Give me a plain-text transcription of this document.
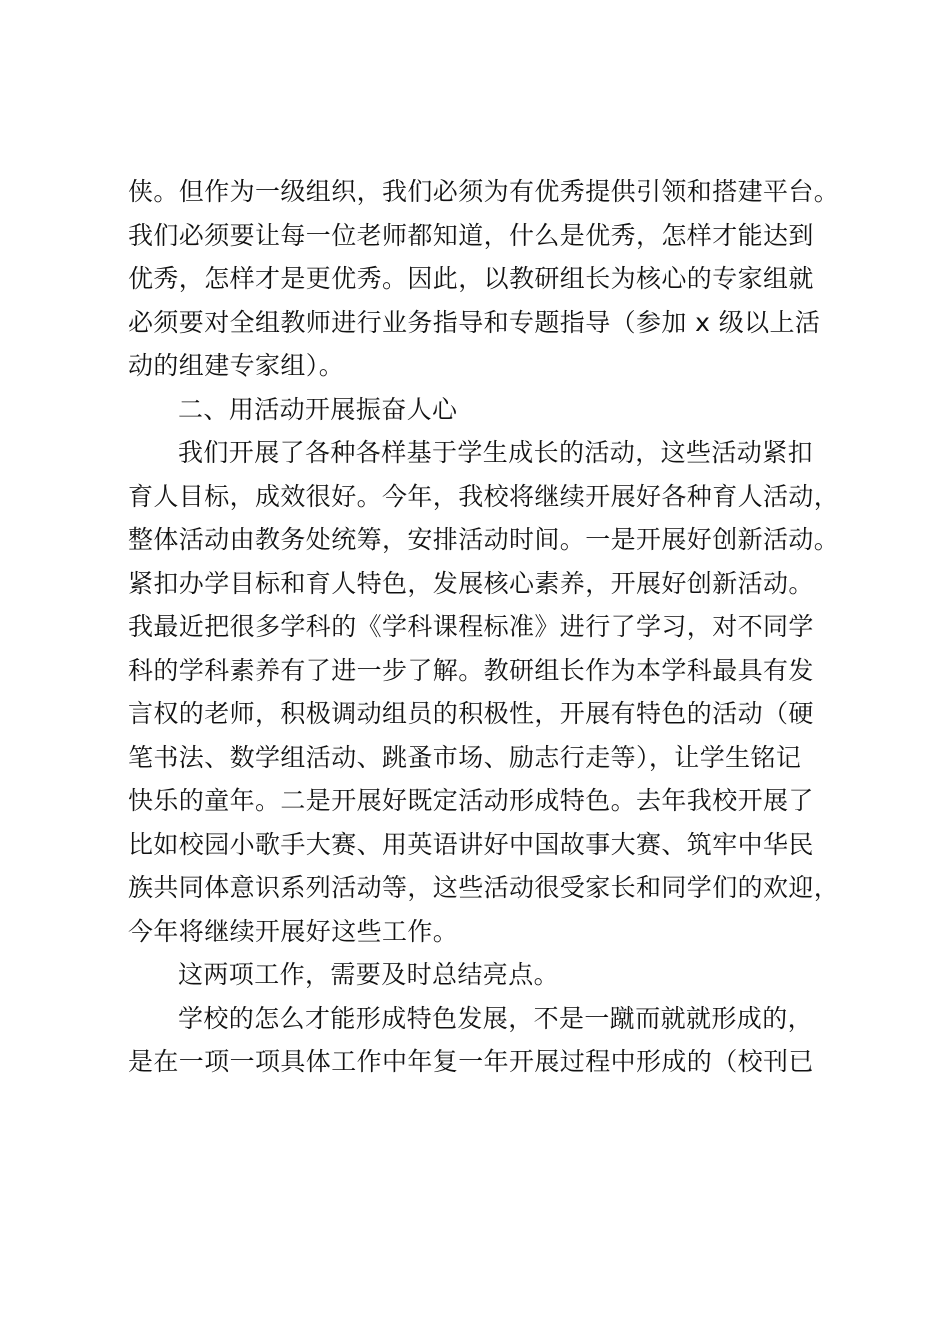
侠。但作为一级组织，我们必须为有优秀提供引领和搭建平台。
我们必须要让每一位老师都知道，什么是优秀，怎样才能达到
优秀，怎样才是更优秀。因此，以教研组长为核心的专家组就
必须要对全组教师进行业务指导和专题指导（参加 x 级以上活
动的组建专家组）。
二、用活动开展振奋人心
我们开展了各种各样基于学生成长的活动，这些活动紧扣
育人目标，成效很好。今年，我校将继续开展好各种育人活动，
整体活动由教务处统筹，安排活动时间。一是开展好创新活动。
紧扣办学目标和育人特色，发展核心素养，开展好创新活动。
我最近把很多学科的《学科课程标准》进行了学习，对不同学
科的学科素养有了进一步了解。教研组长作为本学科最具有发
言权的老师，积极调动组员的积极性，开展有特色的活动（硬
笔书法、数学组活动、跳蚤市场、励志行走等），让学生铭记
快乐的童年。二是开展好既定活动形成特色。去年我校开展了
比如校园小歌手大赛、用英语讲好中国故事大赛、筑牢中华民
族共同体意识系列活动等，这些活动很受家长和同学们的欢迎，
今年将继续开展好这些工作。
这两项工作，需要及时总结亮点。
学校的怎么才能形成特色发展，不是一蹴而就就形成的，
是在一项一项具体工作中年复一年开展过程中形成的（校刊已
